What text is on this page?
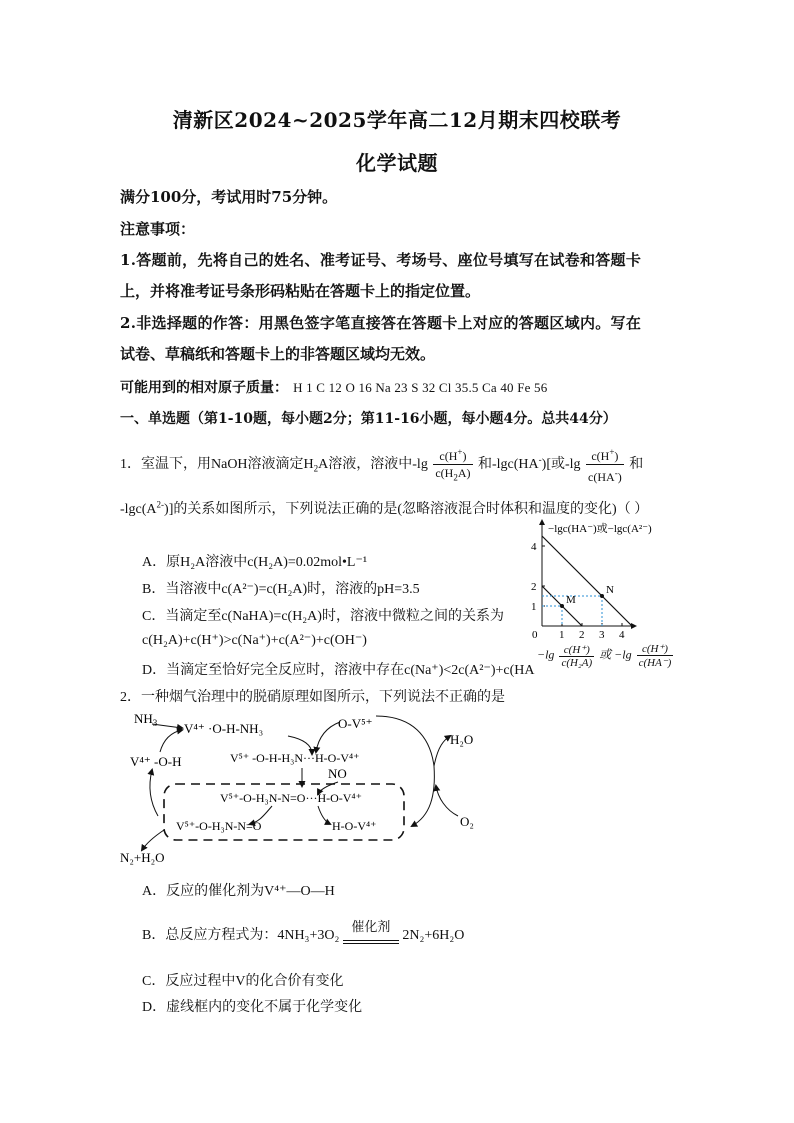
清新区2024~2025学年高二12月期末四校联考
化学试题
满分100分，考试用时75分钟。
注意事项：
1.答题前，先将自己的姓名、准考证号、考场号、座位号填写在试卷和答题卡
上，并将准考证号条形码粘贴在答题卡上的指定位置。
2.非选择题的作答：用黑色签字笔直接答在答题卡上对应的答题区域内。写在
试卷、草稿纸和答题卡上的非答题区域均无效。
可能用到的相对原子质量： H 1 C 12 O 16 Na 23 S 32 Cl 35.5 Ca 40 Fe 56
一、单选题（第1-10题，每小题2分；第11-16小题，每小题4分。总共44分）
1．室温下，用NaOH溶液滴定$H_2A$溶液，溶液中$-\lg \frac{c(H^+)}{c(H_2A)}$ 和-lgc(HA-)[或$-\lg \frac{c(H^+)}{c(HA^-)}$ 和
$-\lg c(A^{2-})$]的关系如图所示，下列说法正确的是(忽略溶液混合时体积和温度的变化)（ ）
A．原H₂A溶液中c(H₂A)=0.02mol•L⁻¹
B．当溶液中c(A²⁻)=c(H₂A)时，溶液的pH=3.5
C．当滴定至c(NaHA)=c(H₂A)时，溶液中微粒之间的关系为
c(H₂A)+c(H⁺)>c(Na⁺)+c(A²⁻)+c(OH⁻)
D．当滴定至恰好完全反应时，溶液中存在c(Na⁺)<2c(A²⁻)+c(HA
−lgc(HA⁻)或−lgc(A²⁻)
0 1 2 3 4
1
2
4
M
N
$-\lg \frac{c(H^+)}{\text{c(H₂A)}}$ 或 $-\lg \frac{c(H^+)}{c(HA^-)}$
2．一种烟气治理中的脱硝原理如图所示，下列说法不正确的是
$NH_3$ V⁴⁺ ·O-H-NH₃
V⁴⁺ -O-H	V⁵⁺ -O-H-H₃N···H-O-V⁴⁺
O-V⁵⁺
H₂O
NO
V⁵⁺-O-H₃N-N=O···H-O-V⁴⁺
V⁵⁺-O-H₃N-N=O	H-O-V⁴⁺	O₂
N₂+H₂O
A．反应的催化剂为V⁴⁺—O—H
B．总反应方程式为：4NH₃+3O₂
催化剂
2N₂+6H₂O
C．反应过程中V的化合价有变化
D．虚线框内的变化不属于化学变化
